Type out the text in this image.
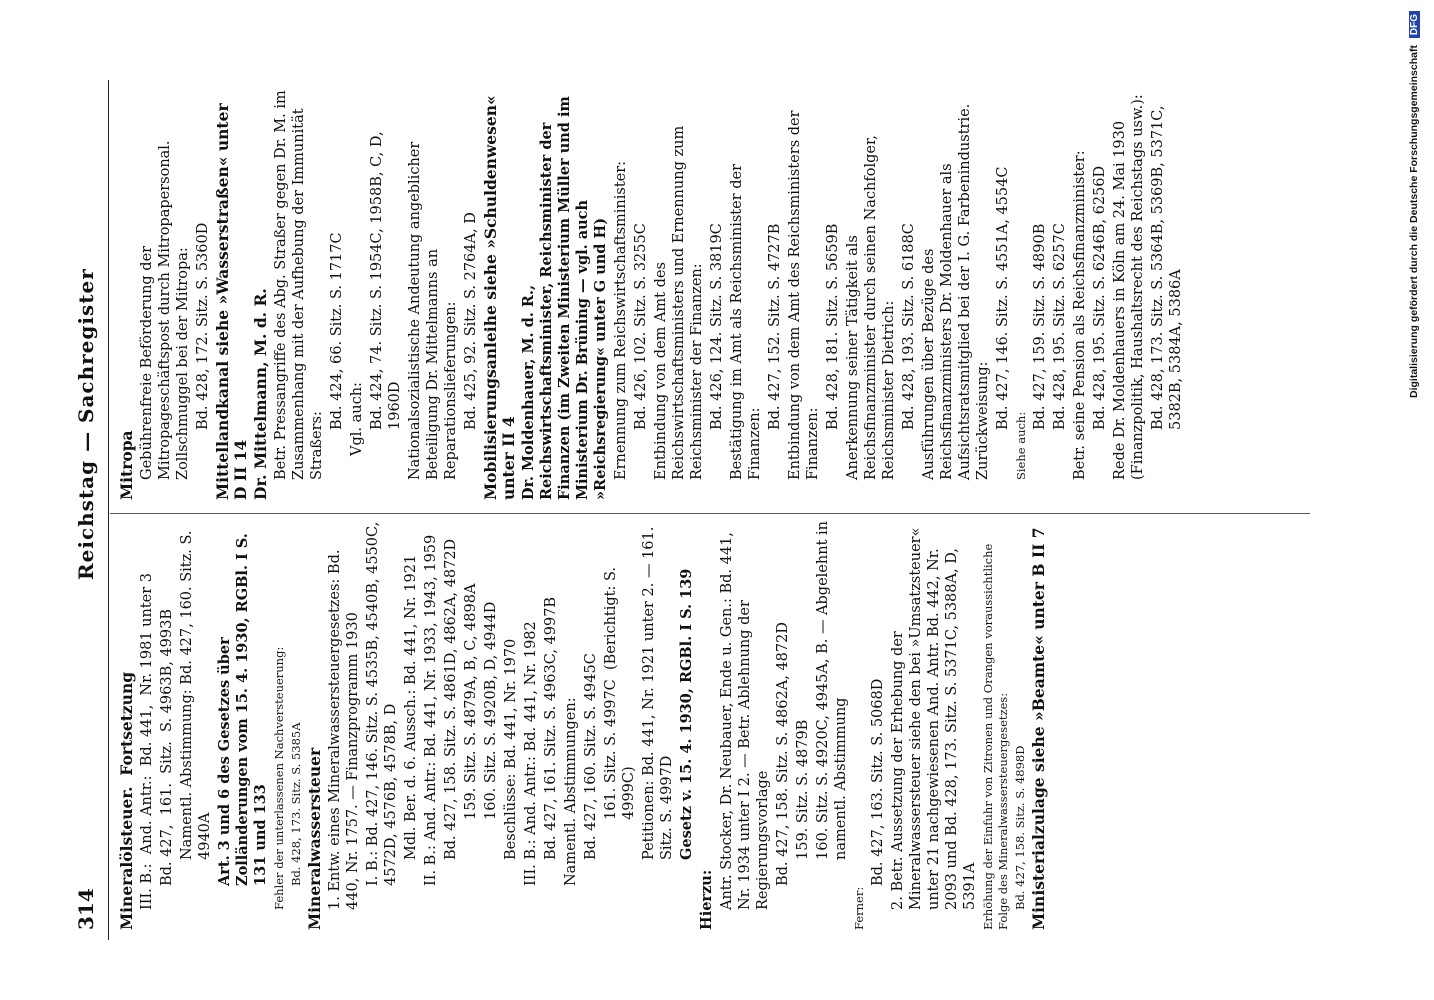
314
Reichstag — Sachregister

Mineralölsteuer.  Fortsetzung III. B.:  And. Antr.:  Bd. 441,  Nr. 1981 unter 3 Bd. 427,  161.  Sitz.  S. 4963B, 4993B Namentl. Abstimmung: Bd. 427, 160. Sitz. S. 4940A Art. 3 und 6 des Gesetzes über Zolländerungen vom 15. 4. 1930, RGBl. I S. 131 und 133 Fehler der unterlassenen Nachversteuerung: Bd. 428, 173. Sitz. S. 5385A Mineralwassersteuer 1. Entw. eines Mineralwassersteuergesetzes: Bd. 440, Nr. 1757. — Finanzprogramm 1930 I. B.: Bd. 427, 146. Sitz. S. 4535B, 4540B, 4550C, 4572D, 4576B, 4578B, D Mdl. Ber. d. 6. Aussch.: Bd. 441, Nr. 1921 II. B.: And. Antr.: Bd. 441, Nr. 1933, 1943, 1959 Bd. 427, 158. Sitz. S. 4861D, 4862A, 4872D 159. Sitz. S. 4879A, B, C, 4898A 160. Sitz. S. 4920B, D, 4944D Beschlüsse: Bd. 441, Nr. 1970 III. B.: And. Antr.: Bd. 441, Nr. 1982 Bd. 427, 161. Sitz. S. 4963C, 4997B Namentl. Abstimmungen: Bd. 427, 160. Sitz. S. 4945C 161. Sitz. S. 4997C  (Berichtigt: S. 4999C) Petitionen: Bd. 441, Nr. 1921 unter 2. — 161. Sitz. S. 4997D Gesetz v. 15. 4. 1930, RGBl. I S. 139

Hierzu: Antr. Stocker, Dr. Neubauer, Ende u. Gen.: Bd. 441, Nr. 1934 unter I 2. — Betr. Ablehnung der Regierungsvorlage Bd. 427, 158. Sitz. S. 4862A, 4872D 159. Sitz. S. 4879B 160. Sitz. S. 4920C, 4945A, B. — Abgelehnt in namentl. Abstimmung

Ferner:

Bd. 427, 163. Sitz. S. 5068D 2. Betr. Aussetzung der Erhebung der Mineralwassersteuer siehe den bei »Umsatzsteuer« unter 21 nachgewiesenen And. Antr. Bd. 442, Nr. 2093 und Bd. 428, 173. Sitz. S. 5371C, 5388A, D, 5391A Erhöhung der Einfuhr von Zitronen und Orangen voraussichtliche Folge des Mineralwassersteuergesetzes: Bd. 427, 158. Sitz. S. 4898D Ministerialzulage siehe »Beamte« unter B II 7

Mitropa Gebührenfreie Beförderung der Mitropageschäftspost durch Mitropapersonal. Zollschmuggel bei der Mitropa: Bd. 428, 172. Sitz. S. 5360D Mittellandkanal siehe »Wasserstraßen« unter D II 14 Dr. Mittelmann, M. d. R. Betr. Pressangriffe des Abg. Straßer gegen Dr. M. im Zusammenhang mit der Aufhebung der Immunität Straßers:

Bd. 424, 66. Sitz. S. 1717C Vgl. auch: Bd. 424, 74. Sitz. S. 1954C, 1958B, C, D, 1960D Nationalsozialistische Andeutung angeblicher Beteiligung Dr. Mittelmanns an Reparationslieferungen: Bd. 425, 92. Sitz. S. 2764A, D Mobilisierungsanleihe siehe »Schuldenwesen« unter II 4 Dr. Moldenhauer, M. d. R., Reichswirtschaftsminister, Reichsminister der Finanzen (im Zweiten Ministerium Müller und im Ministerium Dr. Brüning — vgl. auch »Reichsregierung« unter G und H) Ernennung zum Reichswirtschaftsminister: Bd. 426, 102. Sitz. S. 3255C Entbindung von dem Amt des Reichswirtschaftsministers und Ernennung zum Reichsminister der Finanzen: Bd. 426, 124. Sitz. S. 3819C Bestätigung im Amt als Reichsminister der Finanzen:

Bd. 427, 152. Sitz. S. 4727B Entbindung von dem Amt des Reichsministers der Finanzen:

Bd. 428, 181. Sitz. S. 5659B Anerkennung seiner Tätigkeit als Reichsfinanzminister durch seinen Nachfolger, Reichsminister Dietrich: Bd. 428, 193. Sitz. S. 6188C Ausführungen über Bezüge des Reichsfinanzministers Dr. Moldenhauer als Aufsichtsratsmitglied bei der I. G. Farbenindustrie. Zurückweisung: Bd. 427, 146. Sitz. S. 4551A, 4554C

Siehe auch:

Bd. 427, 159. Sitz. S. 4890B Bd. 428, 195. Sitz. S. 6257C Betr. seine Pension als Reichsfinanzminister: Bd. 428, 195. Sitz. S. 6246B, 6256D Rede Dr. Moldenhauers in Köln am 24. Mai 1930 (Finanzpolitik, Haushaltsrecht des Reichstags usw.): Bd. 428, 173. Sitz. S. 5364B, 5369B, 5371C, 5382B, 5384A, 5386A	Digitalisierung gefördert durch die Deutsche Forschungsgemeinschaft DFG
